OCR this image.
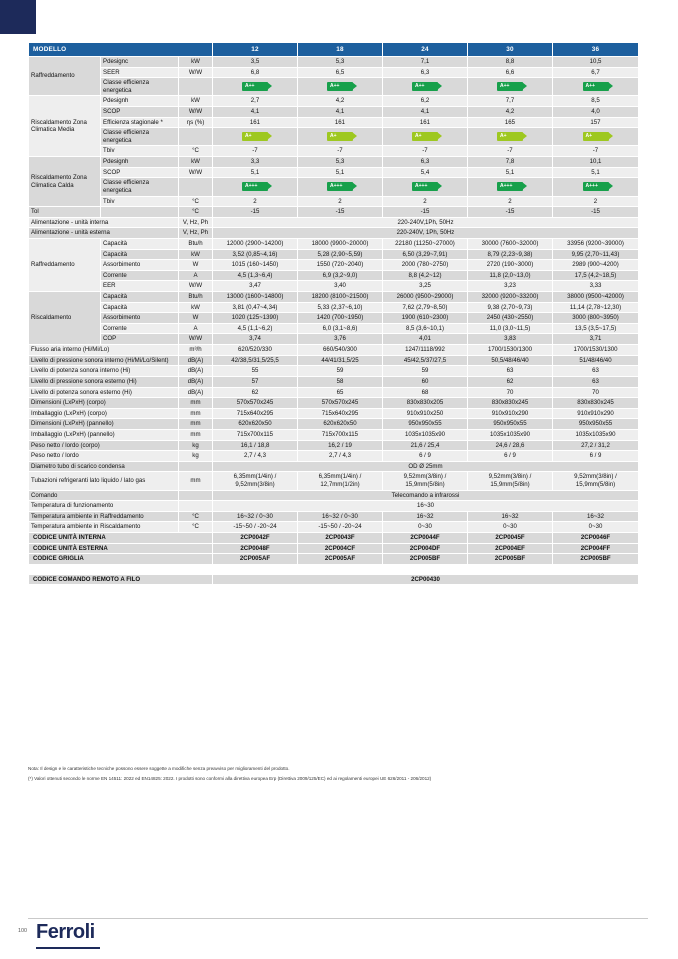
MODELLO			12	18	24	30	36
Raffreddamento	Pdesignc	kW	3,5	5,3	7,1	8,8	10,5
	SEER	W/W	6,8	6,5	6,3	6,6	6,7
	Classe efficienza energetica		A++	A++	A++	A++	A++

Riscaldamento Zona Climatica Media	Pdesignh	kW	2,7	4,2	6,2	7,7	8,5
	SCOP	W/W	4,1	4,1	4,1	4,2	4,0
	Efficienza stagionale *	ηs (%)	161	161	161	165	157
	Classe efficienza energetica		A+	A+	A+	A+	A+

	Tbiv	°C	-7	-7	-7	-7	-7
Riscaldamento Zona Climatica Calda	Pdesignh	kW	3,3	5,3	6,3	7,8	10,1
	SCOP	W/W	5,1	5,1	5,4	5,1	5,1
	Classe efficienza energetica		A+++	A+++	A+++	A+++	A+++

	Tbiv	°C	2	2	2	2	2
Tol		°C	-15	-15	-15	-15	-15
Alimentazione - unità interna		V, Hz, Ph	220-240V,1Ph, 50Hz				
Alimentazione - unità esterna		V, Hz, Ph	220-240V, 1Ph, 50Hz				
Raffreddamento	Capacità	Btu/h	12000 (2900~14200)	18000 (9900~20000)	22180 (11250~27000)	30000 (7600~32000)	33956 (9200~39000)
	Capacità	kW	3,52 (0,85~4,16)	5,28 (2,90~5,59)	6,50 (3,29~7,91)	8,79 (2,23~9,38)	9,95 (2,70~11,43)
	Assorbimento	W	1015 (160~1450)	1550 (720~2040)	2000 (780~2750)	2720 (190~3000)	2989 (900~4200)
	Corrente	A	4,5 (1,3~6,4)	6,9 (3,2~9,0)	8,8 (4,2~12)	11,8 (2,0~13,0)	17,5 (4,2~18,5)
	EER	W/W	3,47	3,40	3,25	3,23	3,33
Riscaldamento	Capacità	Btu/h	13000 (1600~14800)	18200 (8100~21500)	26000 (9500~29000)	32000 (9200~33200)	38000 (9500~42000)
	Capacità	kW	3,81 (0,47~4,34)	5,33 (2,37~6,10)	7,62 (2,79~8,50)	9,38 (2,70~9,73)	11,14 (2,78~12,30)
	Assorbimento	W	1020 (125~1390)	1420 (700~1950)	1900 (610~2300)	2450 (430~2550)	3000 (800~3950)
	Corrente	A	4,5 (1,1~6,2)	6,0 (3,1~8,6)	8,5 (3,6~10,1)	11,0 (3,0~11,5)	13,5 (3,5~17,5)
	COP	W/W	3,74	3,76	4,01	3,83	3,71
Flusso aria interno (Hi/Mi/Lo)		m³/h	620/520/330	660/540/300	1247/1118/992	1700/1530/1300	1700/1530/1300
Livello di pressione sonora interno (Hi/Mi/Lo/Silent)		dB(A)	42/38,5/31,5/25,5	44/41/31,5/25	45/42,5/37/27,5	50,5/48/46/40	51/48/46/40
Livello di potenza sonora interno (Hi)		dB(A)	55	59	59	63	63
Livello di pressione sonora esterno (Hi)		dB(A)	57	58	60	62	63
Livello di potenza sonora esterno (Hi)		dB(A)	62	65	68	70	70
Dimensioni (LxPxH) (corpo)		mm	570x570x245	570x570x245	830x830x205	830x830x245	830x830x245
Imballaggio (LxPxH) (corpo)		mm	715x640x295	715x640x295	910x910x250	910x910x290	910x910x290
Dimensioni (LxPxH) (pannello)		mm	620x620x50	620x620x50	950x950x55	950x950x55	950x950x55
Imballaggio (LxPxH) (pannello)		mm	715x700x115	715x700x115	1035x1035x90	1035x1035x90	1035x1035x90
Peso netto / lordo (corpo)		kg	16,1 / 18,8	16,2 / 19	21,6 / 25,4	24,6 / 28,6	27,2 / 31,2
Peso netto / lordo		kg	2,7 / 4,3	2,7 / 4,3	6 / 9	6 / 9	6 / 9
Diametro tubo di scarico condensa			OD Ø 25mm				
Tubazioni refrigeranti lato liquido / lato gas		mm	6,35mm(1/4in) / 9,52mm(3/8in)	6,35mm(1/4in) / 12,7mm(1/2in)	9,52mm(3/8in) / 15,9mm(5/8in)	9,52mm(3/8in) / 15,9mm(5/8in)	9,52mm(3/8in) / 15,9mm(5/8in)
Comando			Telecomando a infrarossi				
Temperatura di funzionamento			16~30				
Temperatura ambiente in Raffreddamento		°C	16~32 / 0~30	16~32 / 0~30	16~32	16~32	16~32
Temperatura ambiente in Riscaldamento		°C	-15~50 / -20~24	-15~50 / -20~24	0~30	0~30	0~30
CODICE UNITÀ INTERNA			2CP0042F	2CP0043F	2CP0044F	2CP0045F	2CP0046F
CODICE UNITÀ ESTERNA			2CP0048F	2CP004CF	2CP004DF	2CP004EF	2CP004FF
CODICE GRIGLIA			2CP005AF	2CP005AF	2CP005BF	2CP005BF	2CP005BF

CODICE COMANDO REMOTO A FILO			2CP00430				
Nota: Il design e le caratteristiche tecniche possono essere soggette a modifiche senza preavviso per miglioramenti del prodotto.
(*) Valori ottenuti secondo le norme EN 14511: 2022 ed EN14825: 2022. I prodotti sono conformi alla direttiva europea Erp (Direttiva 2009/125/EC) ed ai regolamenti europei UE 626/2011 - 206/2012)
100 Ferroli
